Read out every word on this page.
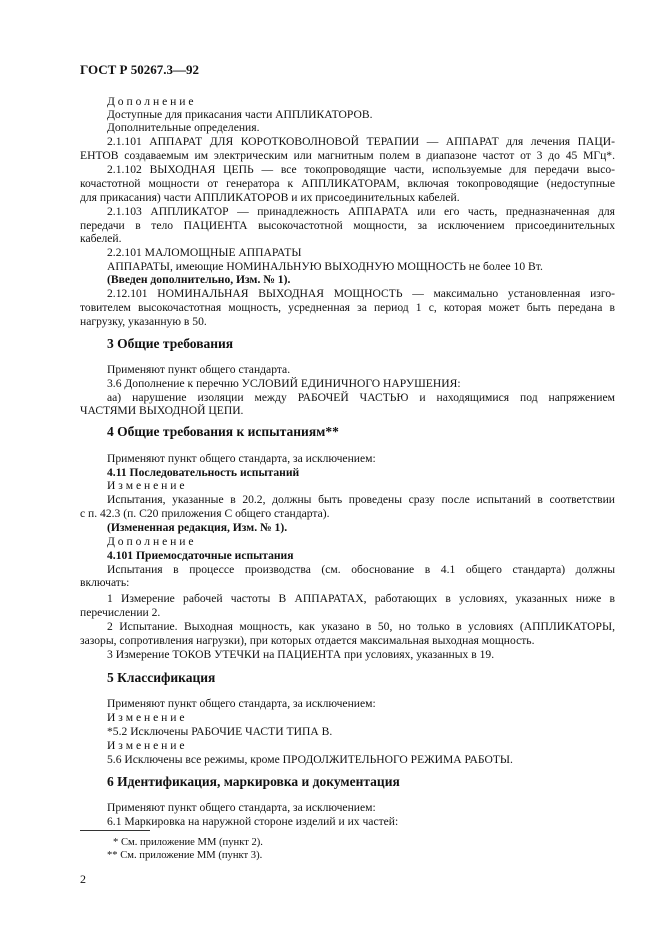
ГОСТ Р 50267.3—92

Д о п о л н е н и е

Доступные для прикасания части АППЛИКАТОРОВ.

Дополнительные определения.

2.1.101 АППАРАТ ДЛЯ КОРОТКОВОЛНОВОЙ ТЕРАПИИ — АППАРАТ для лечения ПАЦИ-

ЕНТОВ создаваемым им электрическим или магнитным полем в диапазоне частот от 3 до 45 МГц*.

2.1.102 ВЫХОДНАЯ ЦЕПЬ — все токопроводящие части, используемые для передачи высо-

кочастотной мощности от генератора к АППЛИКАТОРАМ, включая токопроводящие (недоступные

для прикасания) части АППЛИКАТОРОВ и их присоединительных кабелей.

2.1.103 АППЛИКАТОР — принадлежность АППАРАТА или его часть, предназначенная для

передачи в тело ПАЦИЕНТА высокочастотной мощности, за исключением присоединительных

кабелей.

2.2.101 МАЛОМОЩНЫЕ АППАРАТЫ

АППАРАТЫ, имеющие НОМИНАЛЬНУЮ ВЫХОДНУЮ МОЩНОСТЬ не более 10 Вт.

(Введен дополнительно, Изм. № 1).

2.12.101 НОМИНАЛЬНАЯ ВЫХОДНАЯ МОЩНОСТЬ — максимально установленная изго-

товителем высокочастотная мощность, усредненная за период 1 с, которая может быть передана в

нагрузку, указанную в 50.

3 Общие требования

Применяют пункт общего стандарта.

3.6 Дополнение к перечню УСЛОВИЙ ЕДИНИЧНОГО НАРУШЕНИЯ:

аа) нарушение изоляции между РАБОЧЕЙ ЧАСТЬЮ и находящимися под напряжением

ЧАСТЯМИ ВЫХОДНОЙ ЦЕПИ.

4 Общие требования к испытаниям**

Применяют пункт общего стандарта, за исключением:

4.11 Последовательность испытаний

И з м е н е н и е

Испытания, указанные в 20.2, должны быть проведены сразу после испытаний в соответствии

с п. 42.3 (п. С20 приложения С общего стандарта).

(Измененная редакция, Изм. № 1).

Д о п о л н е н и е

4.101 Приемосдаточные испытания

Испытания в процессе производства (см. обоснование в 4.1 общего стандарта) должны

включать:

1 Измерение рабочей частоты В АППАРАТАХ, работающих в условиях, указанных ниже в

перечислении 2.

2 Испытание. Выходная мощность, как указано в 50, но только в условиях (АППЛИКАТОРЫ,

зазоры, сопротивления нагрузки), при которых отдается максимальная выходная мощность.

3 Измерение ТОКОВ УТЕЧКИ на ПАЦИЕНТА при условиях, указанных в 19.

5 Классификация

Применяют пункт общего стандарта, за исключением:

И з м е н е н и е

*5.2 Исключены РАБОЧИЕ ЧАСТИ ТИПА В.

И з м е н е н и е

5.6 Исключены все режимы, кроме ПРОДОЛЖИТЕЛЬНОГО РЕЖИМА РАБОТЫ.

6 Идентификация, маркировка и документация

Применяют пункт общего стандарта, за исключением:

6.1 Маркировка на наружной стороне изделий и их частей:

* См. приложение ММ (пункт 2).

** См. приложение ММ (пункт 3).

2
